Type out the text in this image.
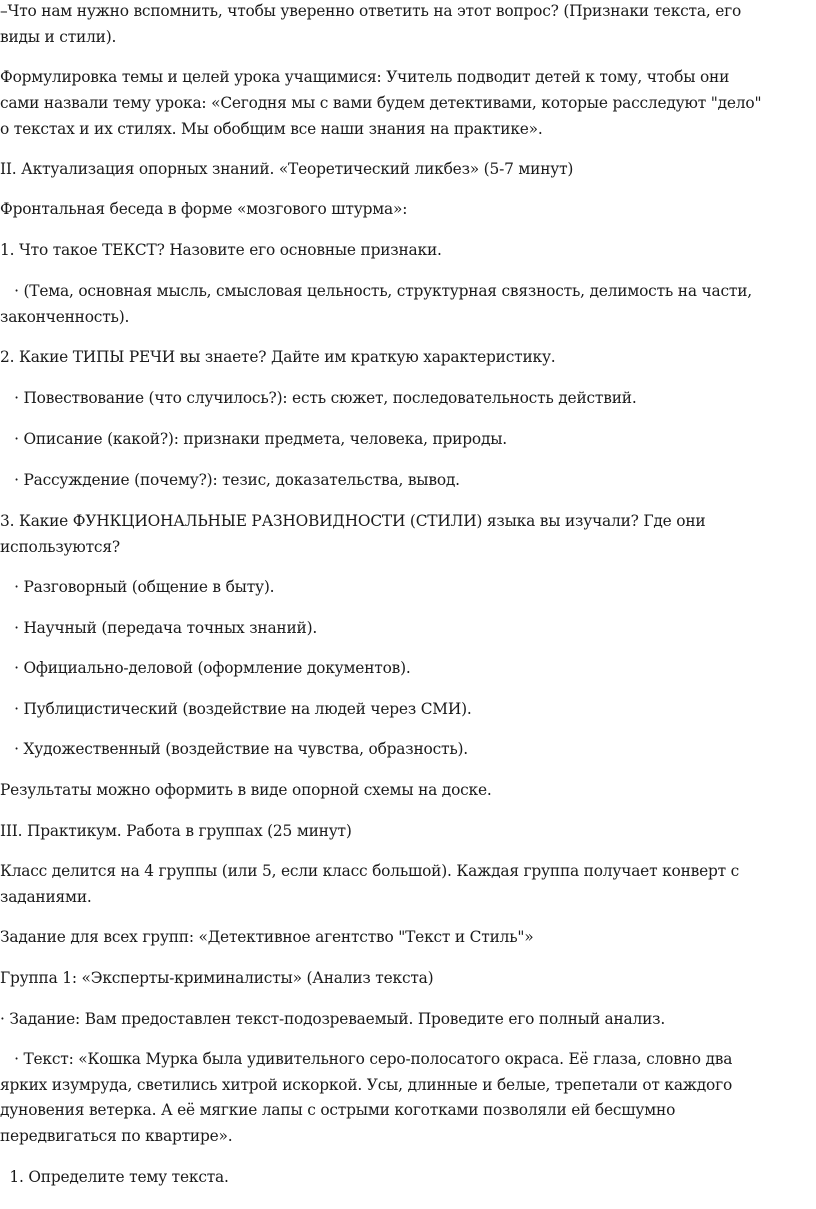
–Что нам нужно вспомнить, чтобы уверенно ответить на этот вопрос? (Признаки текста, его
виды и стили).
Формулировка темы и целей урока учащимися: Учитель подводит детей к тому, чтобы они
сами назвали тему урока: «Сегодня мы с вами будем детективами, которые расследуют "дело"
о текстах и их стилях. Мы обобщим все наши знания на практике».
II. Актуализация опорных знаний. «Теоретический ликбез» (5-7 минут)
Фронтальная беседа в форме «мозгового штурма»:
1. Что такое ТЕКСТ? Назовите его основные признаки.
· (Тема, основная мысль, смысловая цельность, структурная связность, делимость на части,
законченность).
2. Какие ТИПЫ РЕЧИ вы знаете? Дайте им краткую характеристику.
· Повествование (что случилось?): есть сюжет, последовательность действий.
· Описание (какой?): признаки предмета, человека, природы.
· Рассуждение (почему?): тезис, доказательства, вывод.
3. Какие ФУНКЦИОНАЛЬНЫЕ РАЗНОВИДНОСТИ (СТИЛИ) языка вы изучали? Где они
используются?
· Разговорный (общение в быту).
· Научный (передача точных знаний).
· Официально-деловой (оформление документов).
· Публицистический (воздействие на людей через СМИ).
· Художественный (воздействие на чувства, образность).
Результаты можно оформить в виде опорной схемы на доске.
III. Практикум. Работа в группах (25 минут)
Класс делится на 4 группы (или 5, если класс большой). Каждая группа получает конверт с
заданиями.
Задание для всех групп: «Детективное агентство "Текст и Стиль"»
Группа 1: «Эксперты-криминалисты» (Анализ текста)
· Задание: Вам предоставлен текст-подозреваемый. Проведите его полный анализ.
· Текст: «Кошка Мурка была удивительного серо-полосатого окраса. Её глаза, словно два
ярких изумруда, светились хитрой искоркой. Усы, длинные и белые, трепетали от каждого
дуновения ветерка. А её мягкие лапы с острыми коготками позволяли ей бесшумно
передвигаться по квартире».
1. Определите тему текста.
